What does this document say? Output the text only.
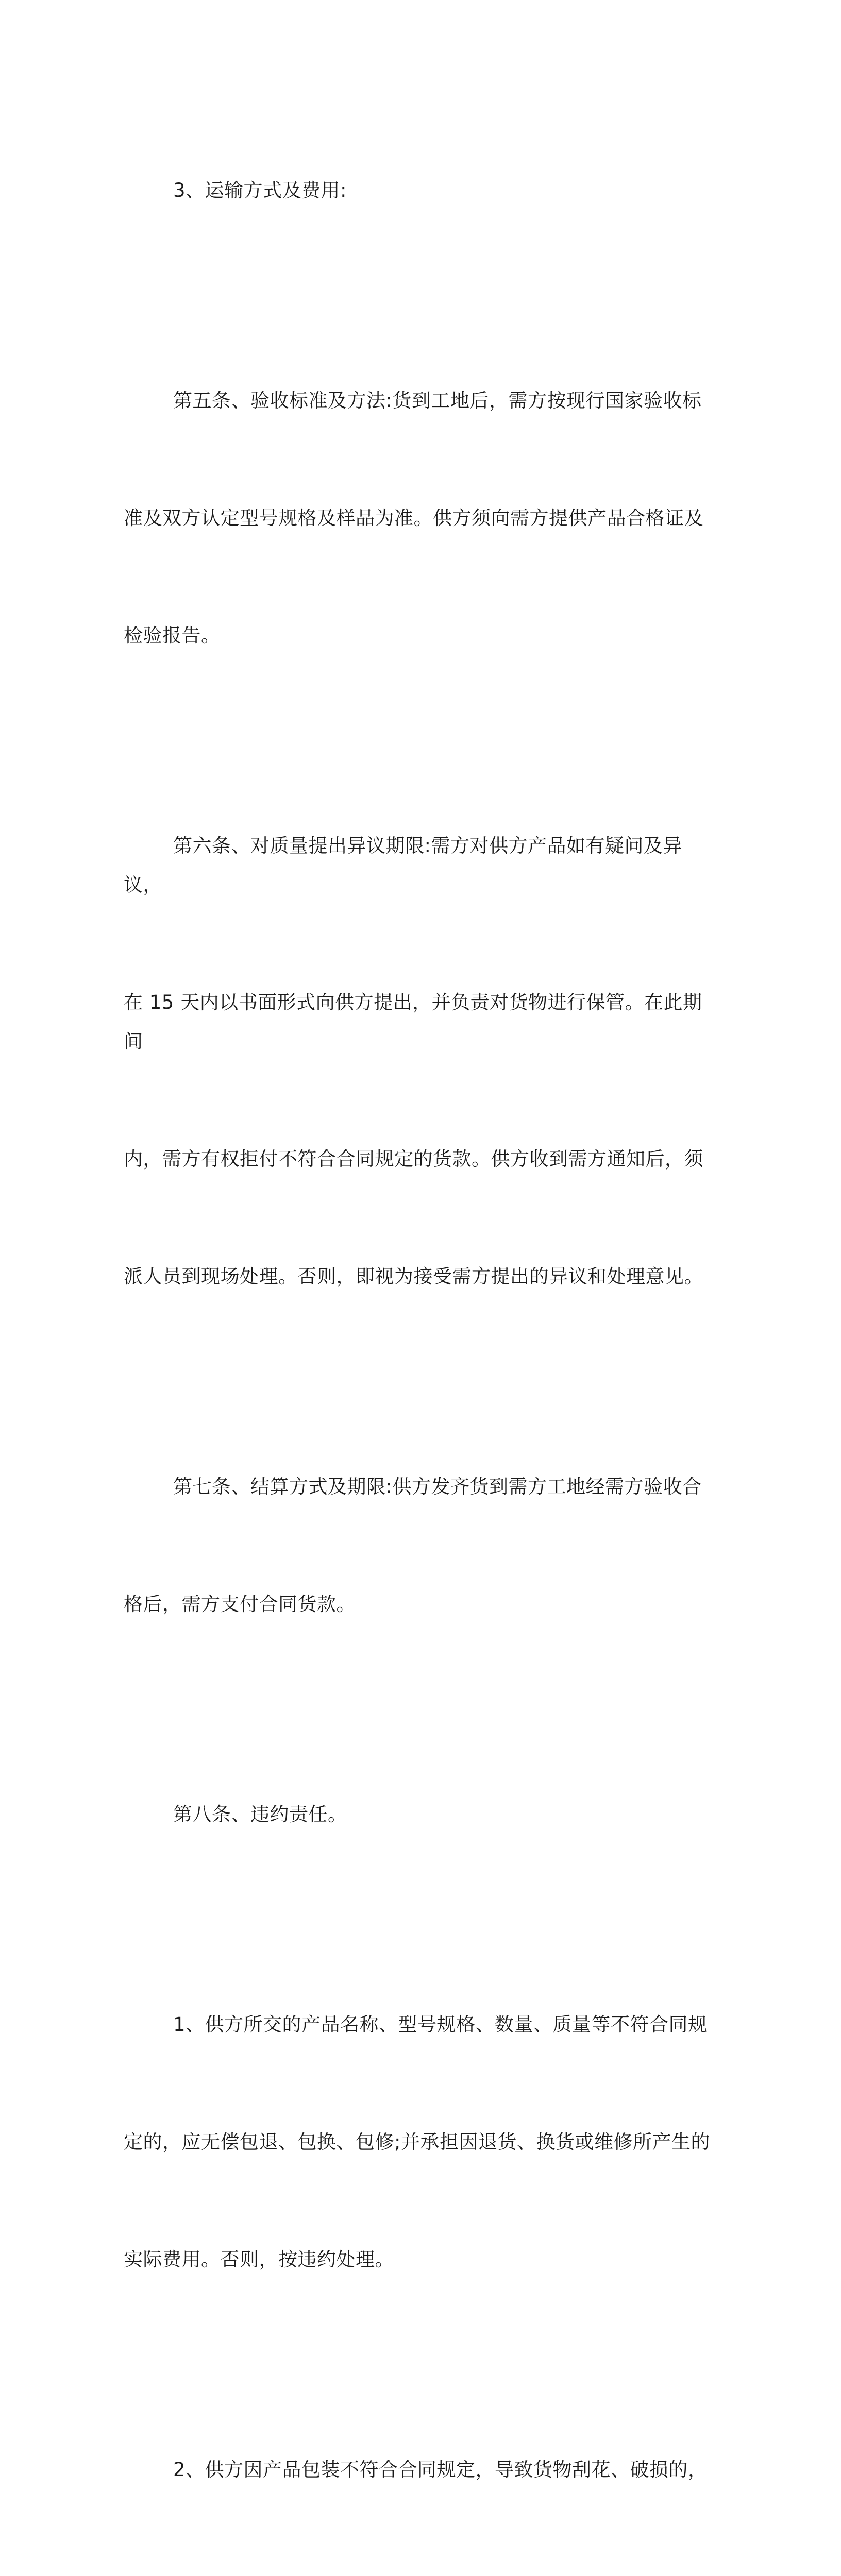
3、运输方式及费用:

第五条、验收标准及方法:货到工地后，需方按现行国家验收标

准及双方认定型号规格及样品为准。供方须向需方提供产品合格证及

检验报告。

第六条、对质量提出异议期限:需方对供方产品如有疑问及异议，

在 15 天内以书面形式向供方提出，并负责对货物进行保管。在此期间

内，需方有权拒付不符合合同规定的货款。供方收到需方通知后，须

派人员到现场处理。否则，即视为接受需方提出的异议和处理意见。

第七条、结算方式及期限:供方发齐货到需方工地经需方验收合

格后，需方支付合同货款。

第八条、违约责任。

1、供方所交的产品名称、型号规格、数量、质量等不符合同规

定的，应无偿包退、包换、包修;并承担因退货、换货或维修所产生的

实际费用。否则，按违约处理。

2、供方因产品包装不符合合同规定，导致货物刮花、破损的，
